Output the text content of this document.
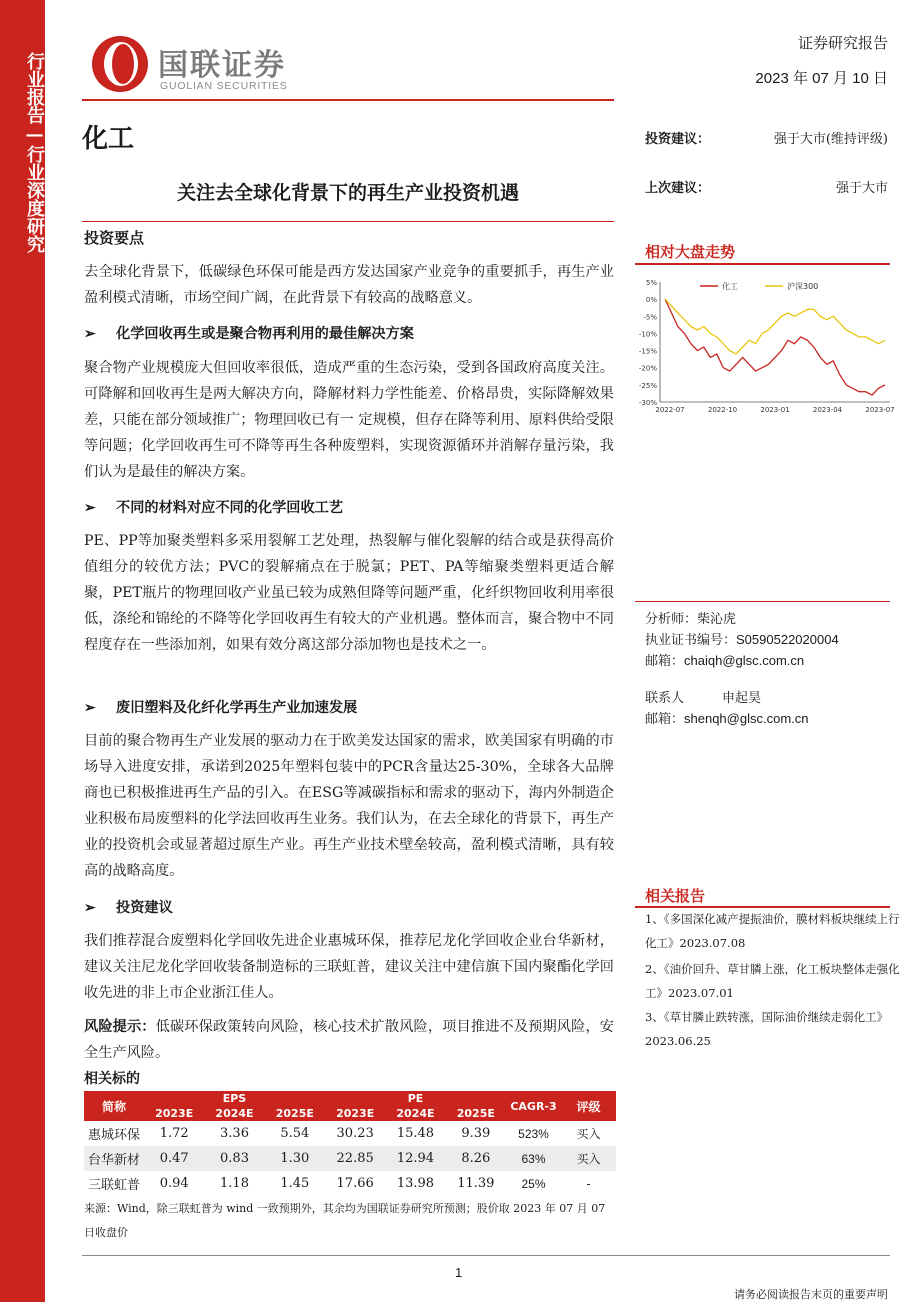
行业报告—行业深度研究	国联证券
GUOLIAN SECURITIES
证券研究报告
2023 年 07 月 10 日
化工	投资建议：	强于大市(维持评级)
上次建议：	强于大市
关注去全球化背景下的再生产业投资机遇
投资要点
去全球化背景下，低碳绿色环保可能是西方发达国家产业竞争的重要抓手，再生产业盈利模式清晰，市场空间广阔，在此背景下有较高的战略意义。
➢ 化学回收再生或是聚合物再利用的最佳解决方案
聚合物产业规模庞大但回收率很低，造成严重的生态污染，受到各国政府高度关注。可降解和回收再生是两大解决方向，降解材料力学性能差、价格昂贵，实际降解效果差，只能在部分领域推广；物理回收已有一 定规模，但存在降等利用、原料供给受限等问题；化学回收再生可不降等再生各种废塑料，实现资源循环并消解存量污染，我们认为是最佳的解决方案。
➢ 不同的材料对应不同的化学回收工艺
PE、PP等加聚类塑料多采用裂解工艺处理，热裂解与催化裂解的结合或是获得高价值组分的较优方法；PVC的裂解痛点在于脱氯；PET、PA等缩聚类塑料更适合解聚，PET瓶片的物理回收产业虽已较为成熟但降等问题严重，化纤织物回收利用率很低，涤纶和锦纶的不降等化学回收再生有较大的产业机遇。整体而言，聚合物中不同程度存在一些添加剂，如果有效分离这部分添加物也是技术之一。
➢ 废旧塑料及化纤化学再生产业加速发展
目前的聚合物再生产业发展的驱动力在于欧美发达国家的需求，欧美国家有明确的市场导入进度安排，承诺到2025年塑料包装中的PCR含量达25-30%，全球各大品牌商也已积极推进再生产品的引入。在ESG等减碳指标和需求的驱动下，海内外制造企业积极布局废塑料的化学法回收再生业务。我们认为，在去全球化的背景下，再生产业的投资机会或显著超过原生产业。再生产业技术壁垒较高，盈利模式清晰，具有较高的战略高度。
➢ 投资建议
我们推荐混合废塑料化学回收先进企业惠城环保，推荐尼龙化学回收企业台华新材，建议关注尼龙化学回收装备制造标的三联虹普，建议关注中建信旗下国内聚酯化学回收先进的非上市企业浙江佳人。
风险提示：低碳环保政策转向风险，核心技术扩散风险，项目推进不及预期风险，安全生产风险。
相对大盘走势
5%
0%
-5%
-10%
-15%
-20%
-25%
-30%
2022-07	2022-10	2023-01	2023-04	2023-07
化工	沪深300
分析师：柴沁虎
执业证书编号：S0590522020004
邮箱：chaiqh@glsc.com.cn
联系人	申起昊
邮箱：shenqh@glsc.com.cn
相关报告
1、《多国深化减产提振油价，膜材料板块继续上行化工》2023.07.08
2、《油价回升、草甘膦上涨，化工板块整体走强化工》2023.07.01
3、《草甘膦止跌转涨，国际油价继续走弱化工》2023.06.25
相关标的
简称	EPS			PE			CAGR-3	评级
	2023E	2024E	2025E	2023E	2024E	2025E		
惠城环保	1.72	3.36	5.54	30.23	15.48	9.39	523%	买入
台华新材	0.47	0.83	1.30	22.85	12.94	8.26	63%	买入
三联虹普	0.94	1.18	1.45	17.66	13.98	11.39	25%	-
来源：Wind，除三联虹普为 wind 一致预期外，其余均为国联证券研究所预测；股价取 2023 年 07 月 07 日收盘价
1
请务必阅读报告末页的重要声明
